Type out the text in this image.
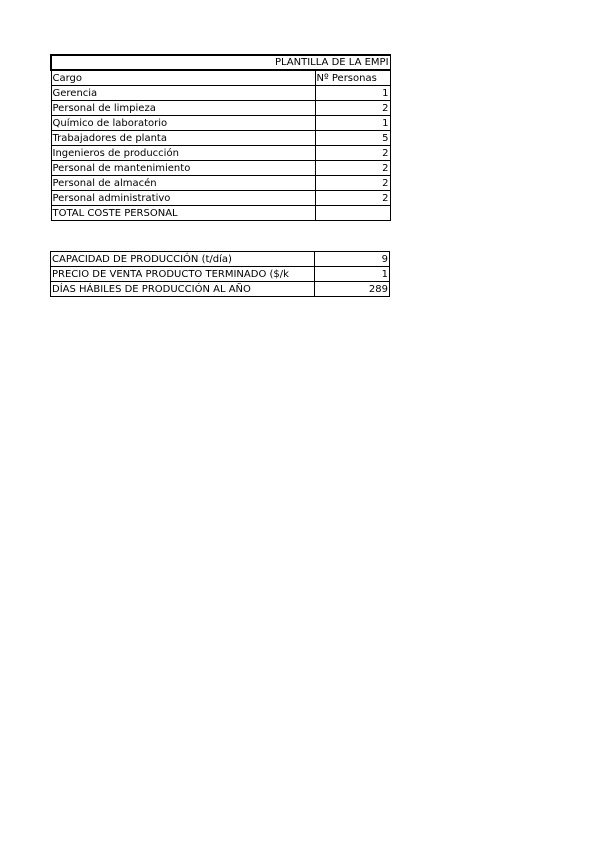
PLANTILLA DE LA EMPI	
Cargo	Nº Personas
Gerencia	1
Personal de limpieza	2
Químico de laboratorio	1
Trabajadores de planta	5
Ingenieros de producción	2
Personal de mantenimiento	2
Personal de almacén	2
Personal administrativo	2
TOTAL COSTE PERSONAL	
CAPACIDAD DE PRODUCCIÓN (t/día)	9
PRECIO DE VENTA PRODUCTO TERMINADO ($/k	1
DÍAS HÁBILES DE PRODUCCIÓN AL AÑO	289
